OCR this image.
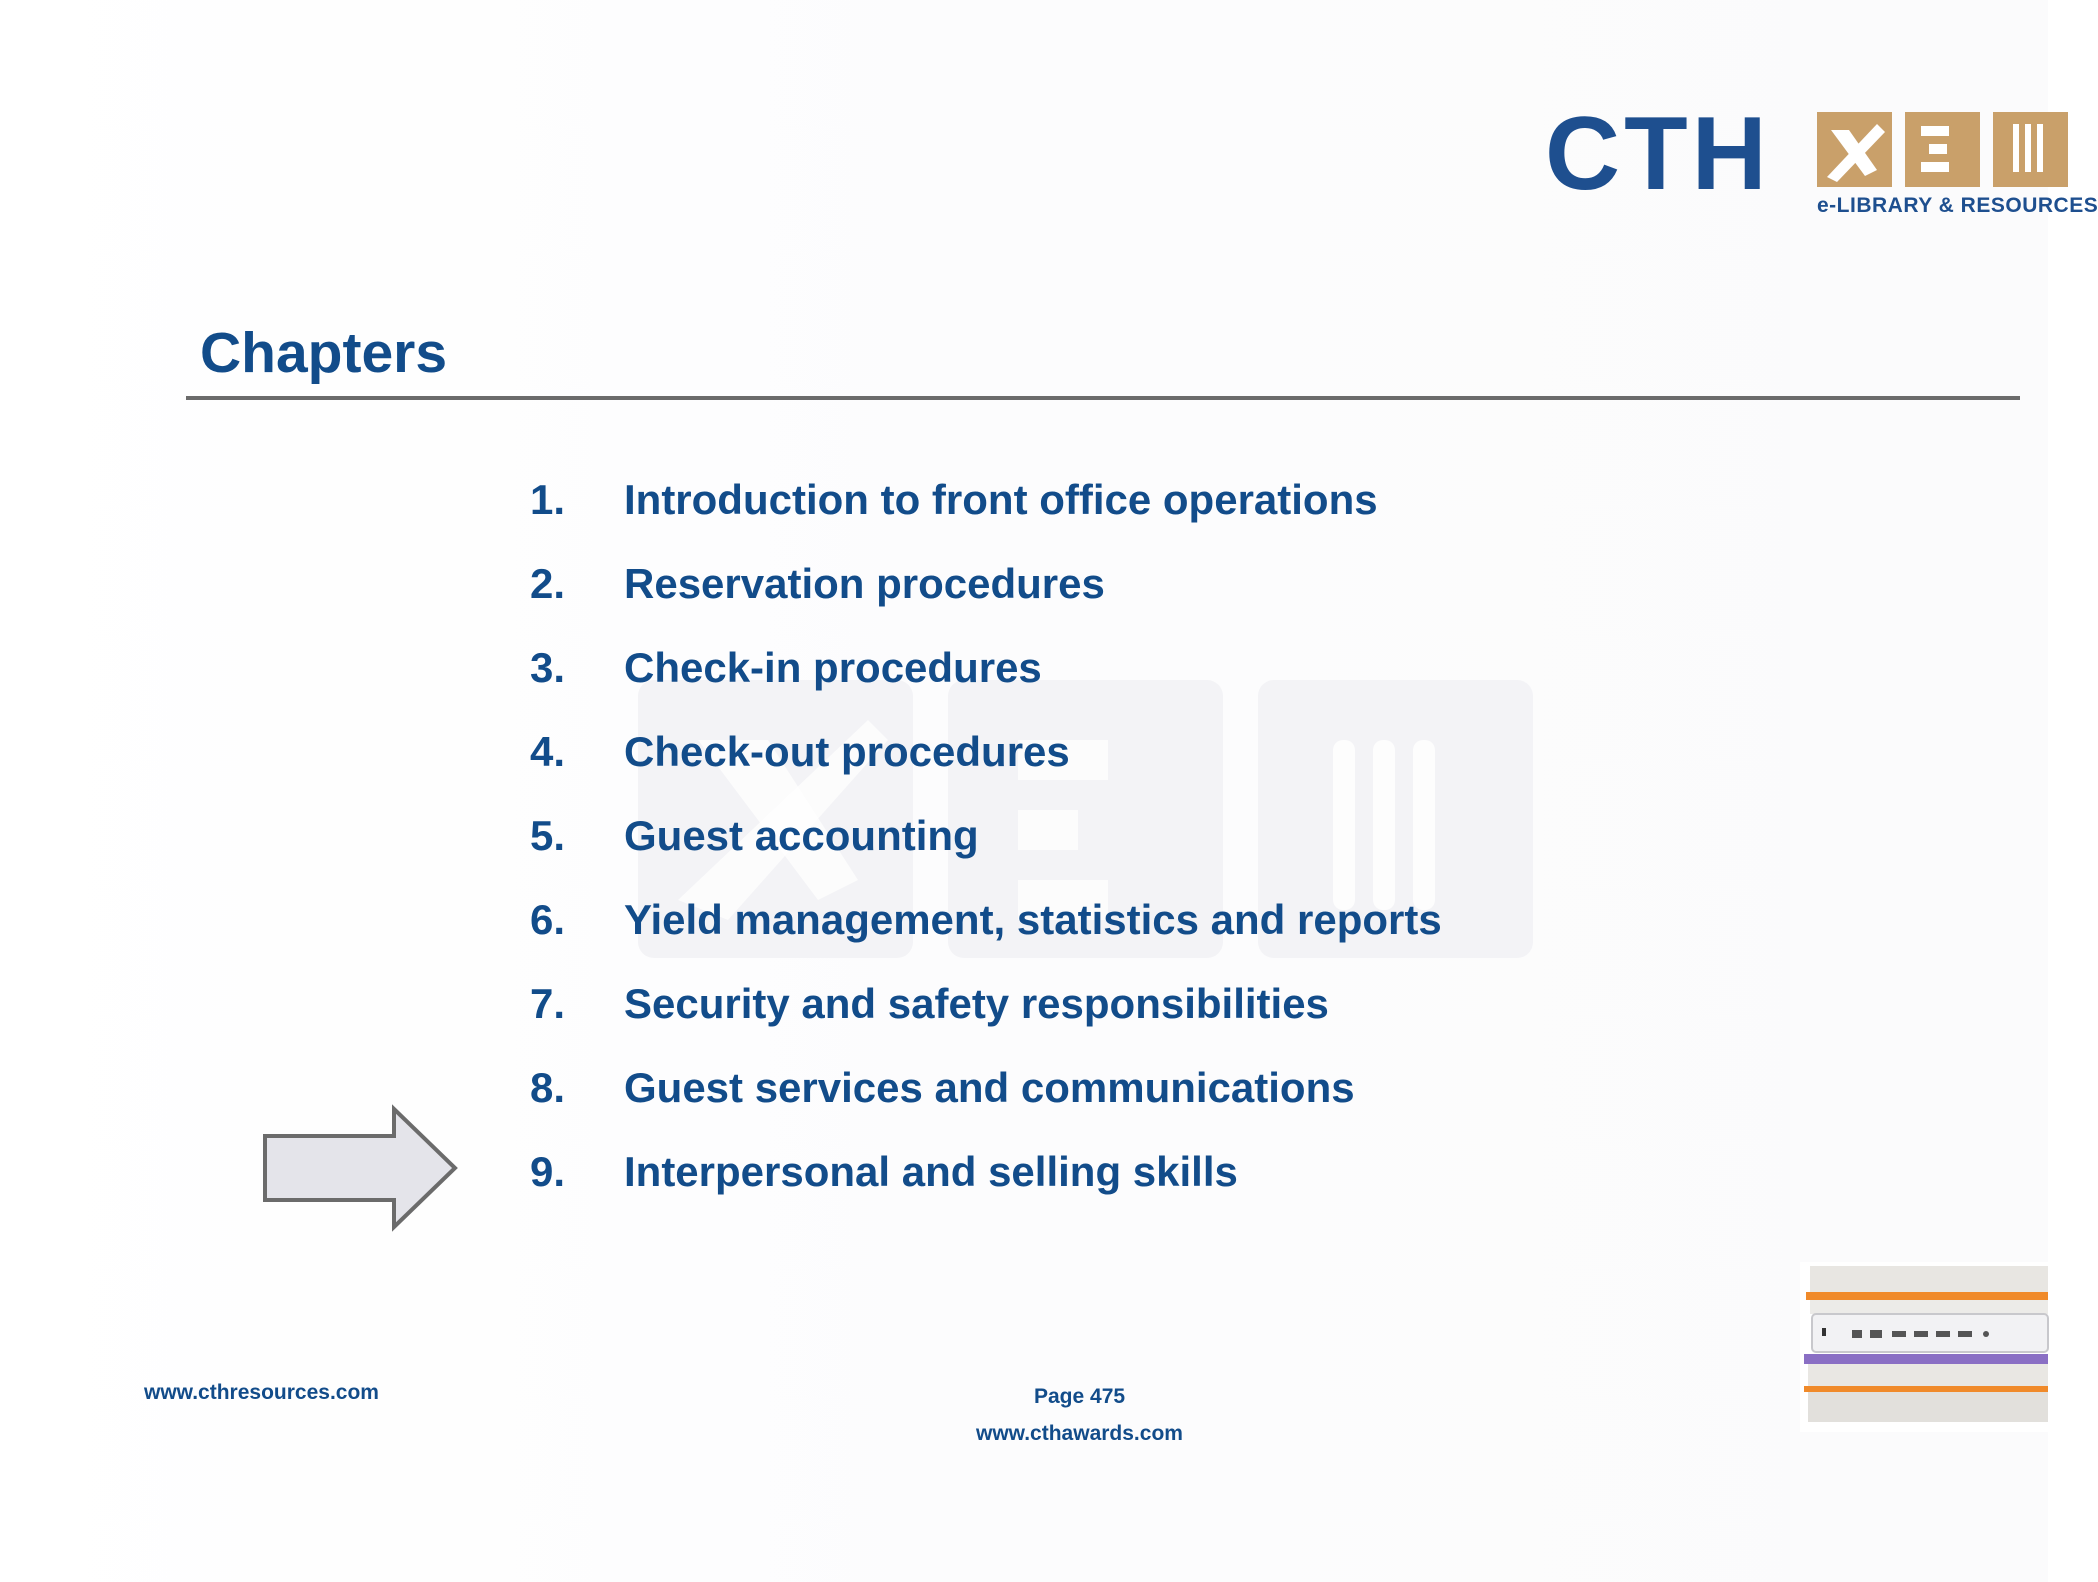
CTH e-LIBRARY & RESOURCES
Chapters
1.	Introduction to front office operations
2.	Reservation procedures
3.	Check-in procedures
4.	Check-out procedures
5.	Guest accounting
6.	Yield management, statistics and reports
7.	Security and safety responsibilities
8.	Guest services and communications
9.	Interpersonal and selling skills
www.cthresources.com	Page 475
www.cthawards.com
